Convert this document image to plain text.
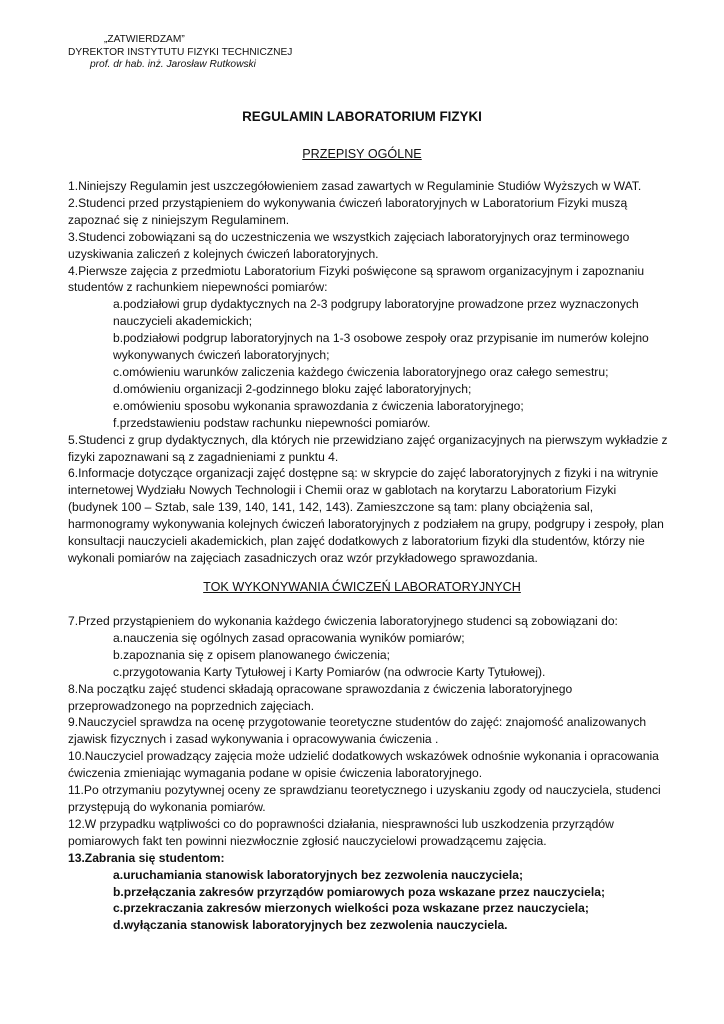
„ZATWIERDZAM”
DYREKTOR INSTYTUTU FIZYKI TECHNICZNEJ
prof. dr hab. inż. Jarosław Rutkowski
REGULAMIN LABORATORIUM FIZYKI
PRZEPISY OGÓLNE

1.Niniejszy Regulamin jest uszczegółowieniem zasad zawartych w Regulaminie Studiów Wyższych w WAT.

2.Studenci przed przystąpieniem do wykonywania ćwiczeń laboratoryjnych w Laboratorium Fizyki muszą zapoznać się z niniejszym Regulaminem.

3.Studenci zobowiązani są do uczestniczenia we wszystkich zajęciach laboratoryjnych oraz terminowego uzyskiwania zaliczeń z kolejnych ćwiczeń laboratoryjnych.

4.Pierwsze zajęcia z przedmiotu Laboratorium Fizyki poświęcone są sprawom organizacyjnym i zapoznaniu studentów z rachunkiem niepewności pomiarów:

a.podziałowi grup dydaktycznych na 2-3 podgrupy laboratoryjne prowadzone przez wyznaczonych nauczycieli akademickich;

b.podziałowi podgrup laboratoryjnych na 1-3 osobowe zespoły oraz przypisanie im numerów kolejno wykonywanych ćwiczeń laboratoryjnych;

c.omówieniu warunków zaliczenia każdego ćwiczenia laboratoryjnego oraz całego semestru;

d.omówieniu organizacji 2-godzinnego bloku zajęć laboratoryjnych;

e.omówieniu sposobu wykonania sprawozdania z ćwiczenia laboratoryjnego;

f.przedstawieniu podstaw rachunku niepewności pomiarów.

5.Studenci z grup dydaktycznych, dla których nie przewidziano zajęć organizacyjnych na pierwszym wykładzie z fizyki zapoznawani są z zagadnieniami z punktu 4.

6.Informacje dotyczące organizacji zajęć dostępne są: w skrypcie do zajęć laboratoryjnych z fizyki i na witrynie internetowej Wydziału Nowych Technologii i Chemii oraz w gablotach na korytarzu Laboratorium Fizyki (budynek 100 – Sztab, sale 139, 140, 141, 142, 143). Zamieszczone są tam: plany obciążenia sal, harmonogramy wykonywania kolejnych ćwiczeń laboratoryjnych z podziałem na grupy, podgrupy i zespoły, plan konsultacji nauczycieli akademickich, plan zajęć dodatkowych z laboratorium fizyki dla studentów, którzy nie wykonali pomiarów na zajęciach zasadniczych oraz wzór przykładowego sprawozdania.

TOK WYKONYWANIA ĆWICZEŃ LABORATORYJNYCH

7.Przed przystąpieniem do wykonania każdego ćwiczenia laboratoryjnego studenci są zobowiązani do:

a.nauczenia się ogólnych zasad opracowania wyników pomiarów;

b.zapoznania się z opisem planowanego ćwiczenia;

c.przygotowania Karty Tytułowej i Karty Pomiarów (na odwrocie Karty Tytułowej).

8.Na początku zajęć studenci składają opracowane sprawozdania z ćwiczenia laboratoryjnego przeprowadzonego na poprzednich zajęciach.

9.Nauczyciel sprawdza na ocenę przygotowanie teoretyczne studentów do zajęć: znajomość analizowanych zjawisk fizycznych i zasad wykonywania i opracowywania ćwiczenia .

10.Nauczyciel prowadzący zajęcia może udzielić dodatkowych wskazówek odnośnie wykonania i opracowania ćwiczenia zmieniając wymagania podane w opisie ćwiczenia laboratoryjnego.

11.Po otrzymaniu pozytywnej oceny ze sprawdzianu teoretycznego i uzyskaniu zgody od nauczyciela, studenci przystępują do wykonania pomiarów.

12.W przypadku wątpliwości co do poprawności działania, niesprawności lub uszkodzenia przyrządów pomiarowych fakt ten powinni niezwłocznie zgłosić nauczycielowi prowadzącemu zajęcia.

13.Zabrania się studentom:

a.uruchamiania stanowisk laboratoryjnych bez zezwolenia nauczyciela;

b.przełączania zakresów przyrządów pomiarowych poza wskazane przez nauczyciela;

c.przekraczania zakresów mierzonych wielkości poza wskazane przez nauczyciela;

d.wyłączania stanowisk laboratoryjnych bez zezwolenia nauczyciela.
